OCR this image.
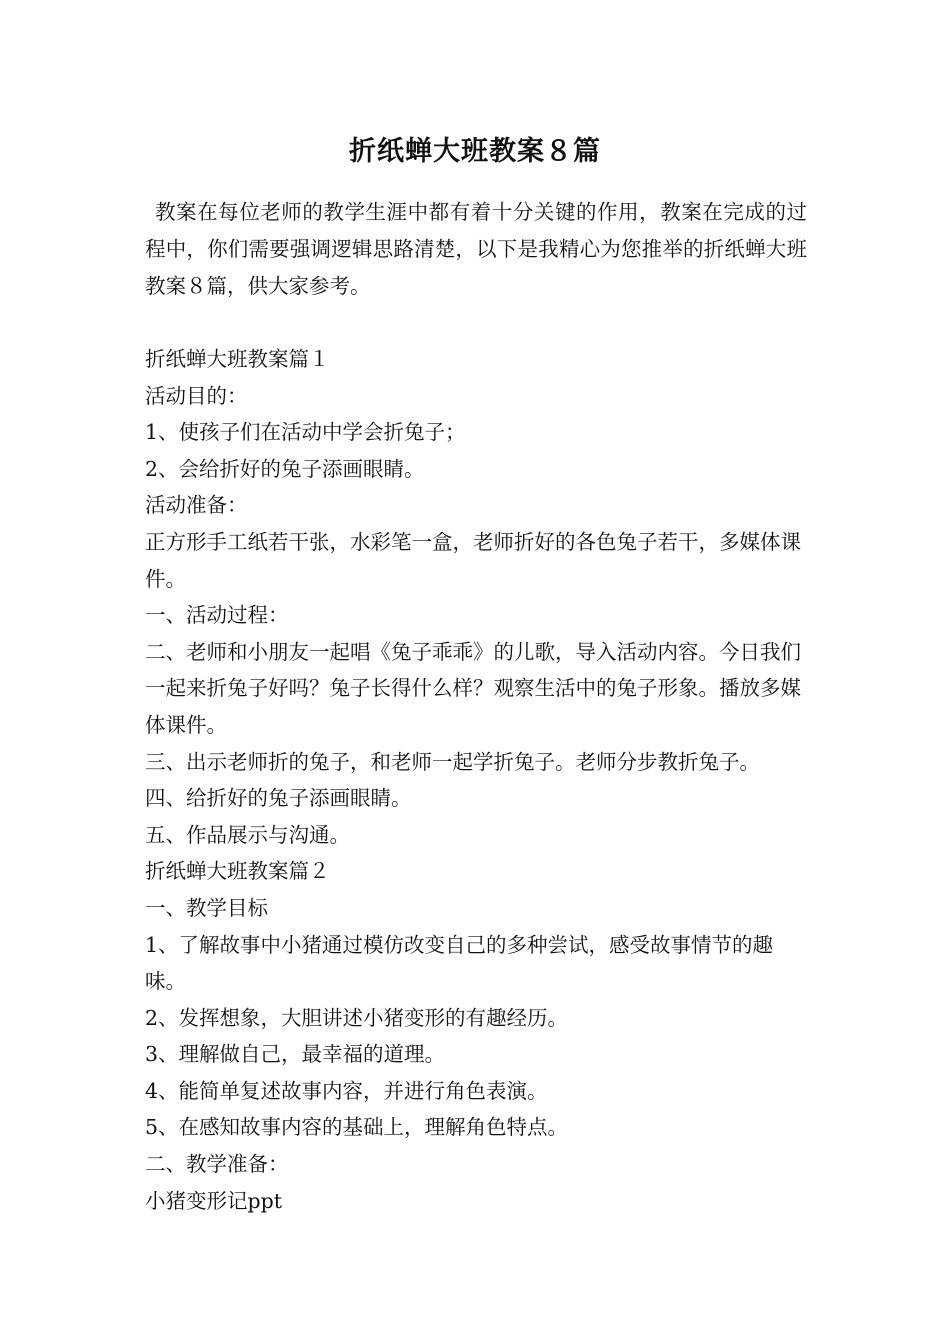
折纸蝉大班教案８篇

教案在每位老师的教学生涯中都有着十分关键的作用，教案在完成的过程中，你们需要强调逻辑思路清楚，以下是我精心为您推举的折纸蝉大班教案８篇，供大家参考。

折纸蝉大班教案篇１

活动目的：

1、使孩子们在活动中学会折兔子；

2、会给折好的兔子添画眼睛。

活动准备：

正方形手工纸若干张，水彩笔一盒，老师折好的各色兔子若干，多媒体课件。

一、活动过程：

二、老师和小朋友一起唱《兔子乖乖》的儿歌，导入活动内容。今日我们一起来折兔子好吗？兔子长得什么样？观察生活中的兔子形象。播放多媒体课件。

三、出示老师折的兔子，和老师一起学折兔子。老师分步教折兔子。

四、给折好的兔子添画眼睛。

五、作品展示与沟通。

折纸蝉大班教案篇２

一、教学目标

1、了解故事中小猪通过模仿改变自己的多种尝试，感受故事情节的趣味。

2、发挥想象，大胆讲述小猪变形的有趣经历。

3、理解做自己，最幸福的道理。

4、能简单复述故事内容，并进行角色表演。

5、在感知故事内容的基础上，理解角色特点。

二、教学准备：

小猪变形记ppt
